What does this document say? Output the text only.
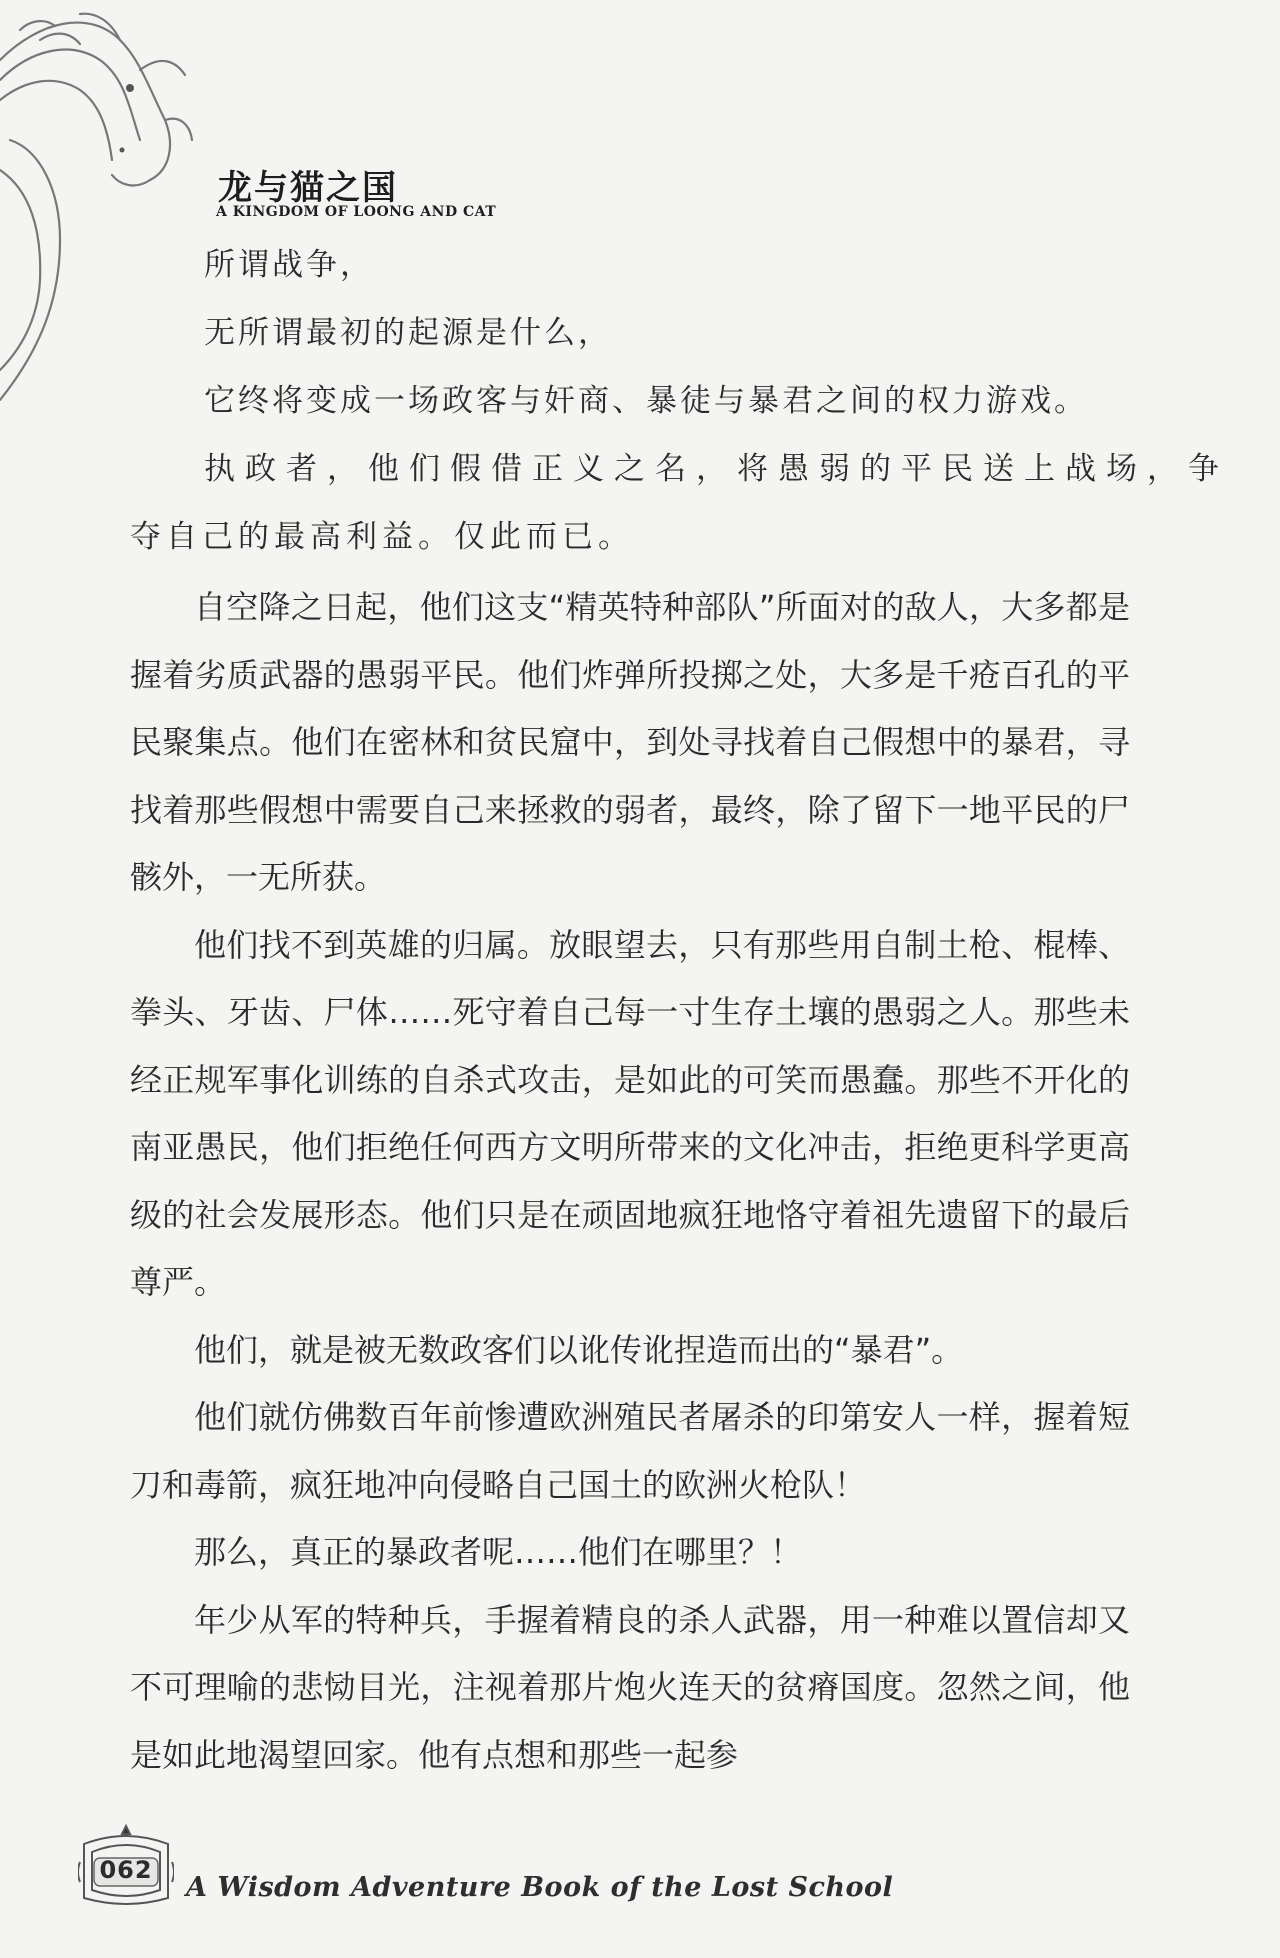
龙与猫之国
A KINGDOM OF LOONG AND CAT

所谓战争，

无所谓最初的起源是什么，

它终将变成一场政客与奸商、暴徒与暴君之间的权力游戏。

执政者，他们假借正义之名，将愚弱的平民送上战场，争

夺自己的最高利益。仅此而已。

自空降之日起，他们这支“精英特种部队”所面对的敌人，大多都是握着劣质武器的愚弱平民。他们炸弹所投掷之处，大多是千疮百孔的平民聚集点。他们在密林和贫民窟中，到处寻找着自己假想中的暴君，寻找着那些假想中需要自己来拯救的弱者，最终，除了留下一地平民的尸骸外，一无所获。

他们找不到英雄的归属。放眼望去，只有那些用自制土枪、棍棒、拳头、牙齿、尸体……死守着自己每一寸生存土壤的愚弱之人。那些未经正规军事化训练的自杀式攻击，是如此的可笑而愚蠢。那些不开化的南亚愚民，他们拒绝任何西方文明所带来的文化冲击，拒绝更科学更高级的社会发展形态。他们只是在顽固地疯狂地恪守着祖先遗留下的最后尊严。

他们，就是被无数政客们以讹传讹捏造而出的“暴君”。

他们就仿佛数百年前惨遭欧洲殖民者屠杀的印第安人一样，握着短刀和毒箭，疯狂地冲向侵略自己国土的欧洲火枪队！

那么，真正的暴政者呢……他们在哪里？！

年少从军的特种兵，手握着精良的杀人武器，用一种难以置信却又不可理喻的悲恸目光，注视着那片炮火连天的贫瘠国度。忽然之间，他是如此地渴望回家。他有点想和那些一起参

062
A Wisdom Adventure Book of the Lost School
